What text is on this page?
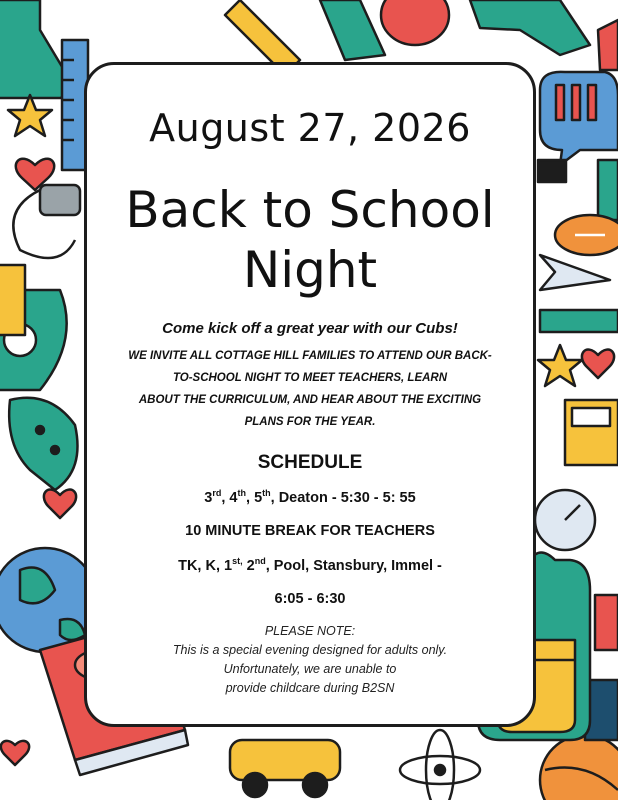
August 27, 2026
Back to School
Night

Come kick off a great year with our Cubs!

WE INVITE ALL COTTAGE HILL FAMILIES TO ATTEND OUR BACK-
TO-SCHOOL NIGHT TO MEET TEACHERS, LEARN
ABOUT THE CURRICULUM, AND HEAR ABOUT THE EXCITING
PLANS FOR THE YEAR.
SCHEDULE
3rd, 4th, 5th, Deaton - 5:30 - 5: 55
10 MINUTE BREAK FOR TEACHERS
TK, K, $1^{st,}$ 2nd, Pool, Stansbury, Immel -
6:05 - 6:30
PLEASE NOTE:
This is a special evening designed for adults only.
Unfortunately, we are unable to
provide childcare during B2SN
